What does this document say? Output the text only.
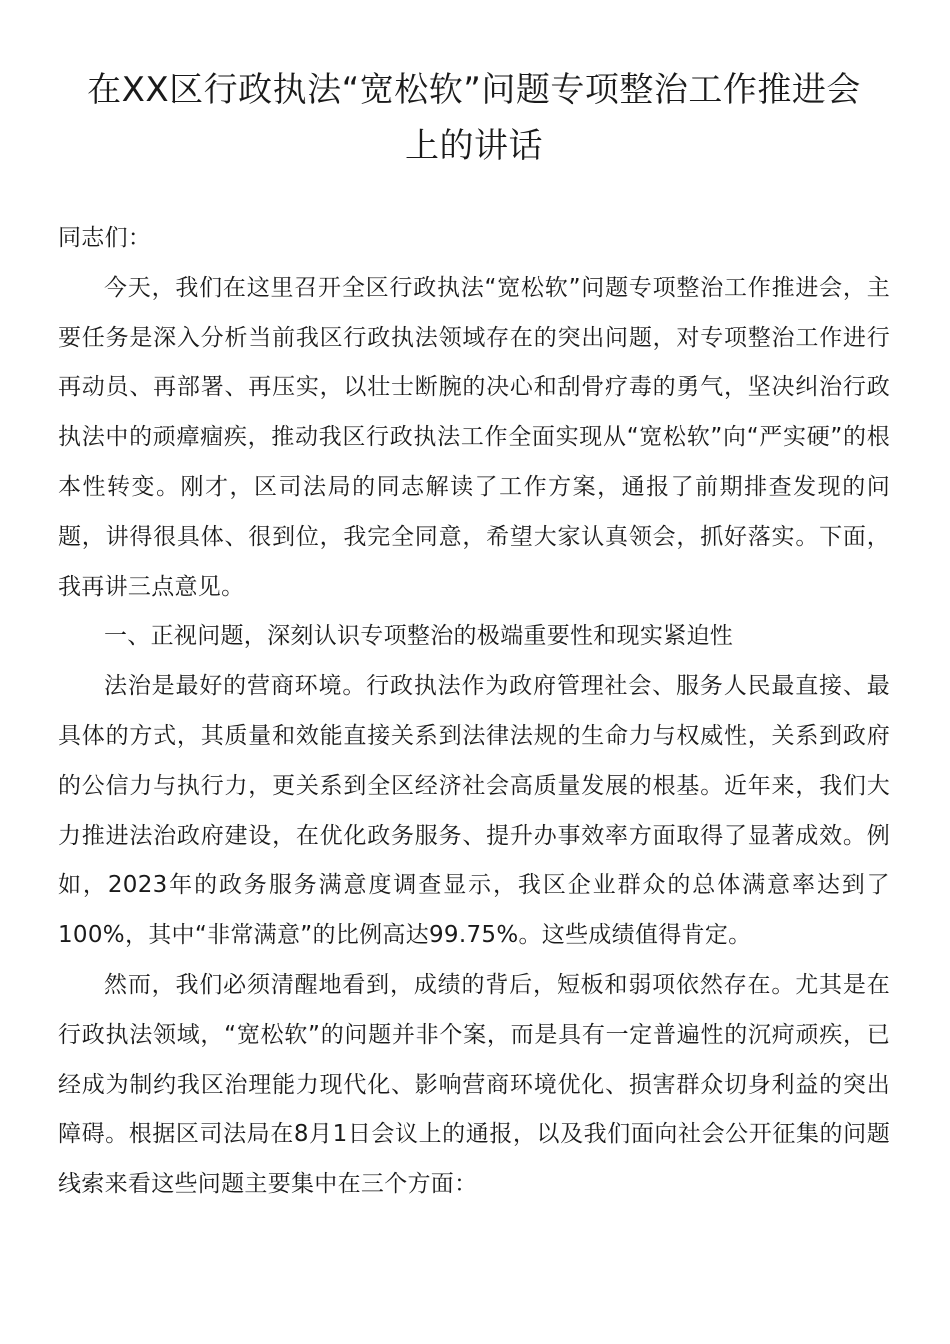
在XX区行政执法“宽松软”问题专项整治工作推进会
上的讲话

同志们：

今天，我们在这里召开全区行政执法“宽松软”问题专项整治工作推进会，主要任务是深入分析当前我区行政执法领域存在的突出问题，对专项整治工作进行再动员、再部署、再压实，以壮士断腕的决心和刮骨疗毒的勇气，坚决纠治行政执法中的顽瘴痼疾，推动我区行政执法工作全面实现从“宽松软”向“严实硬”的根本性转变。刚才，区司法局的同志解读了工作方案，通报了前期排查发现的问题，讲得很具体、很到位，我完全同意，希望大家认真领会，抓好落实。下面，我再讲三点意见。

一、正视问题，深刻认识专项整治的极端重要性和现实紧迫性

法治是最好的营商环境。行政执法作为政府管理社会、服务人民最直接、最具体的方式，其质量和效能直接关系到法律法规的生命力与权威性，关系到政府的公信力与执行力，更关系到全区经济社会高质量发展的根基。近年来，我们大力推进法治政府建设，在优化政务服务、提升办事效率方面取得了显著成效。例如，2023年的政务服务满意度调查显示，我区企业群众的总体满意率达到了100%，其中“非常满意”的比例高达99.75%。这些成绩值得肯定。

然而，我们必须清醒地看到，成绩的背后，短板和弱项依然存在。尤其是在行政执法领域，“宽松软”的问题并非个案，而是具有一定普遍性的沉疴顽疾，已经成为制约我区治理能力现代化、影响营商环境优化、损害群众切身利益的突出障碍。根据区司法局在8月1日会议上的通报，以及我们面向社会公开征集的问题线索来看这些问题主要集中在三个方面：
